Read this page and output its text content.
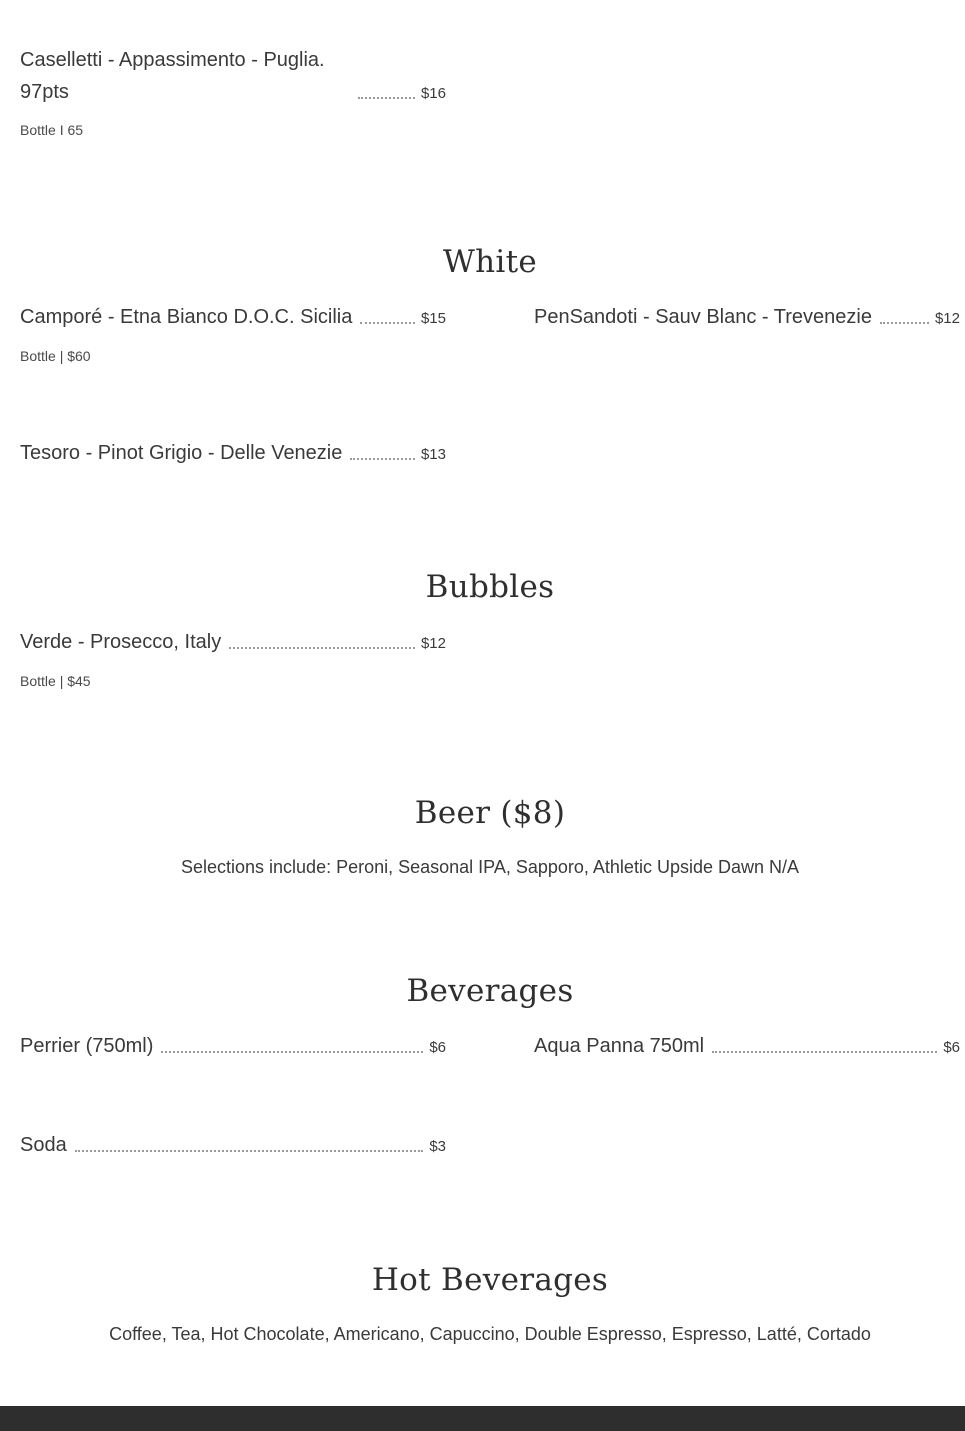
Caselletti - Appassimento - Puglia. 97pts	$16
Bottle I 65
White
Camporé - Etna Bianco D.O.C. Sicilia	$15
Bottle | $60
PenSandoti - Sauv Blanc - Trevenezie	$12
Tesoro - Pinot Grigio - Delle Venezie	$13
Bubbles
Verde - Prosecco, Italy	$12
Bottle | $45
Beer ($8)
Selections include: Peroni, Seasonal IPA, Sapporo, Athletic Upside Dawn N/A
Beverages
Perrier (750ml)	$6	Aqua Panna 750ml	$6
Soda	$3
Hot Beverages
Coffee, Tea, Hot Chocolate, Americano, Capuccino, Double Espresso, Espresso, Latté, Cortado
